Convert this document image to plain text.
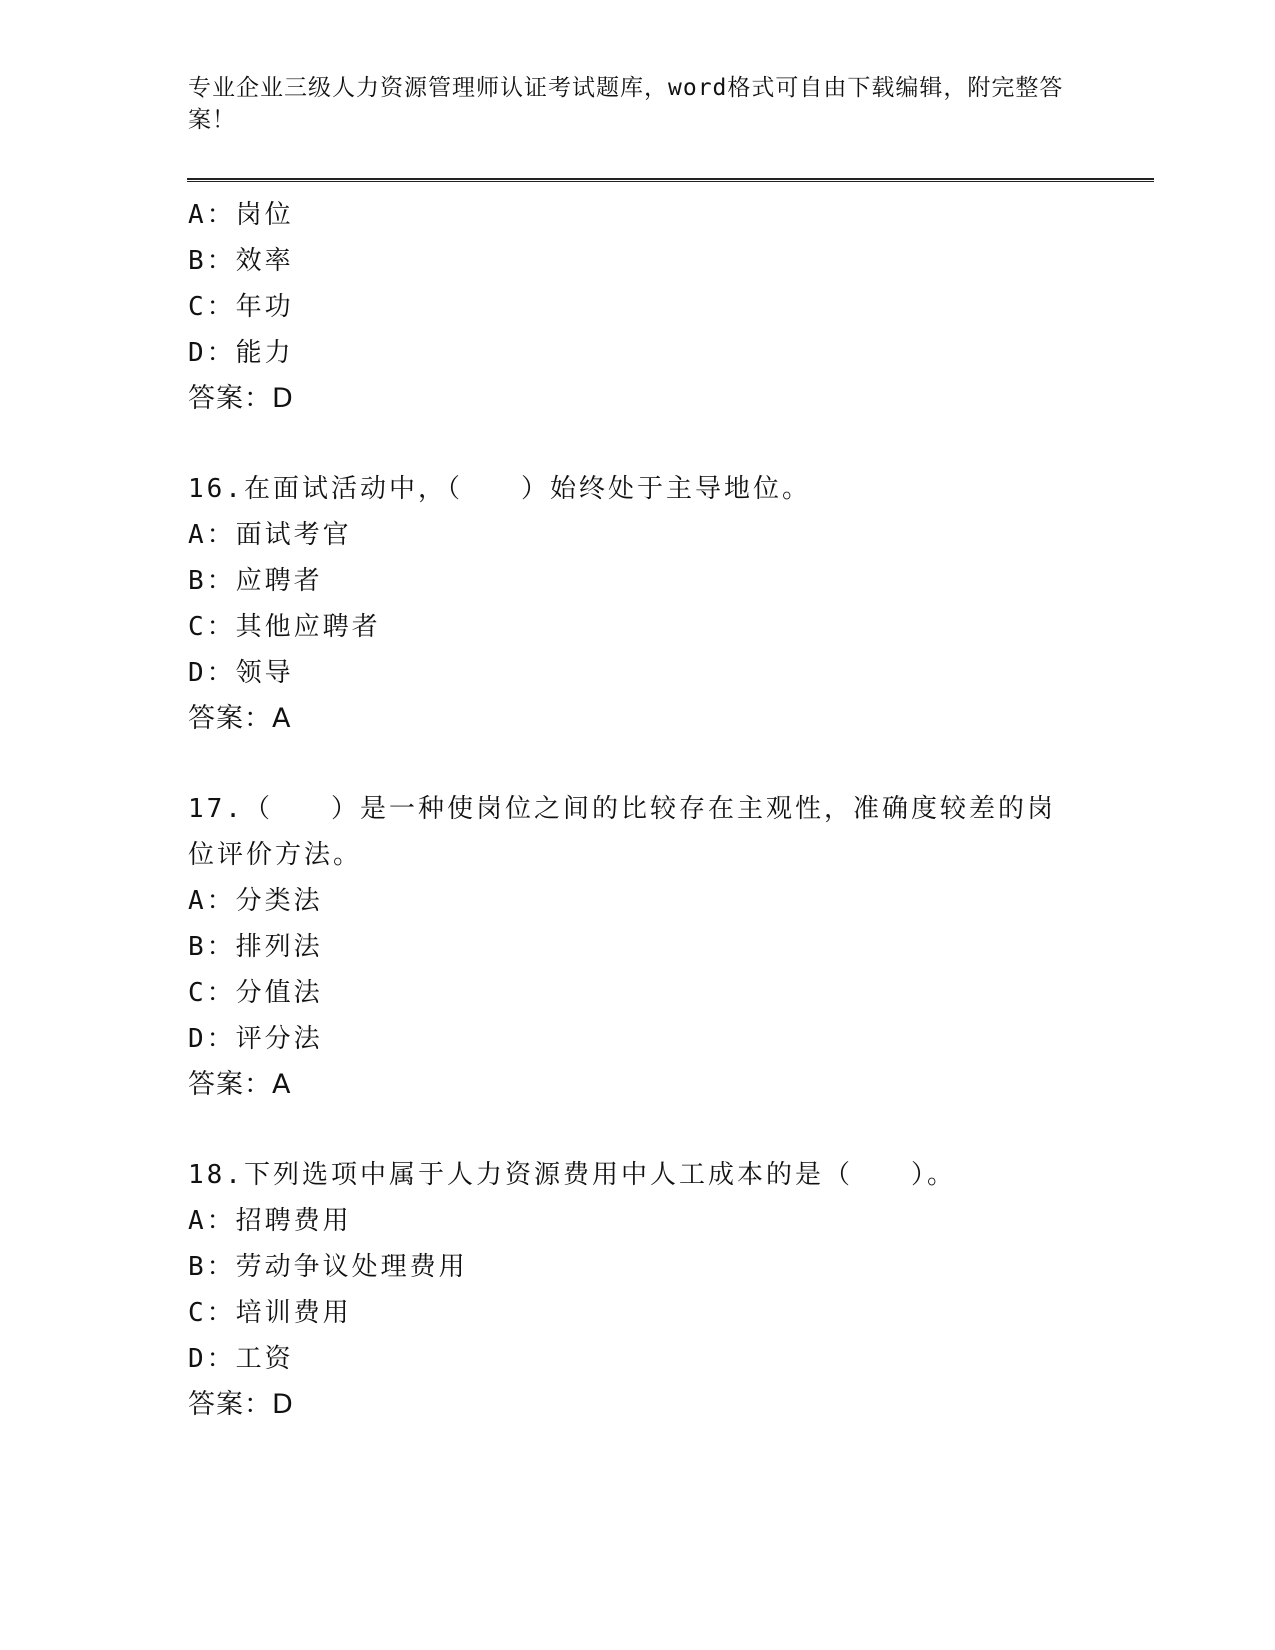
专业企业三级人力资源管理师认证考试题库，word格式可自由下载编辑，附完整答案！
A：岗位
B：效率
C：年功
D：能力
答案：D
16.在面试活动中，（　　）始终处于主导地位。
A：面试考官
B：应聘者
C：其他应聘者
D：领导
答案：A
17.（　　）是一种使岗位之间的比较存在主观性，准确度较差的岗位评价方法。
A：分类法
B：排列法
C：分值法
D：评分法
答案：A
18.下列选项中属于人力资源费用中人工成本的是（　　）。
A：招聘费用
B：劳动争议处理费用
C：培训费用
D：工资
答案：D
